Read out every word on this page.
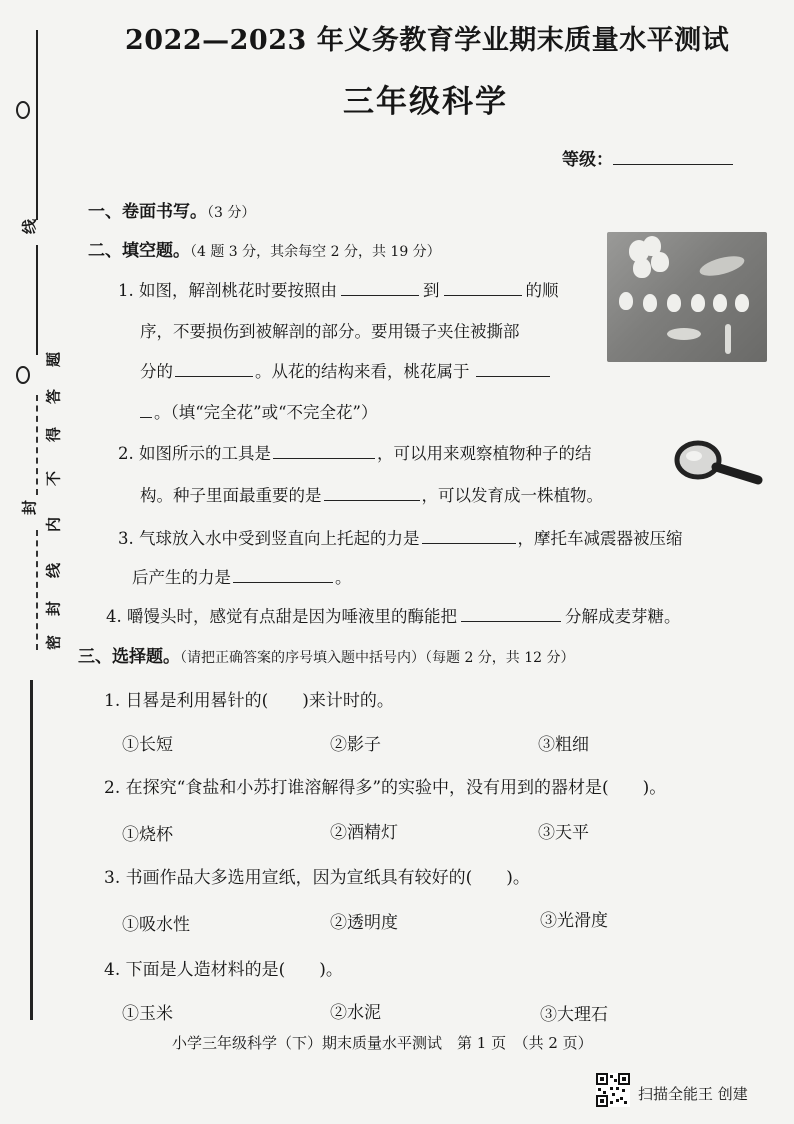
线
题
答
得
不
内
线
封
封
密
2022—2023 年义务教育学业期末质量水平测试
三年级科学
等级：
一、卷面书写。（3 分）
二、填空题。（4 题 3 分，其余每空 2 分，共 19 分）
1. 如图，解剖桃花时要按照由	到	的顺
序，不要损伤到被解剖的部分。要用镊子夹住被撕部
分的	。从花的结构来看，桃花属于
。（填“完全花”或“不完全花”）
2. 如图所示的工具是	，可以用来观察植物种子的结
构。种子里面最重要的是	，可以发育成一株植物。
3. 气球放入水中受到竖直向上托起的力是	，摩托车减震器被压缩
后产生的力是	。
4. 嚼馒头时，感觉有点甜是因为唾液里的酶能把	分解成麦芽糖。
三、选择题。（请把正确答案的序号填入题中括号内）（每题 2 分，共 12 分）
1. 日晷是利用晷针的(　　)来计时的。
①长短	②影子	③粗细
2. 在探究“食盐和小苏打谁溶解得多”的实验中，没有用到的器材是(　　)。
①烧杯	②酒精灯	③天平
3. 书画作品大多选用宣纸，因为宣纸具有较好的(　　)。
①吸水性	②透明度	③光滑度
4. 下面是人造材料的是(　　)。
①玉米	②水泥	③大理石
小学三年级科学（下）期末质量水平测试　第 1 页　（共 2 页）
扫描全能王 创建
